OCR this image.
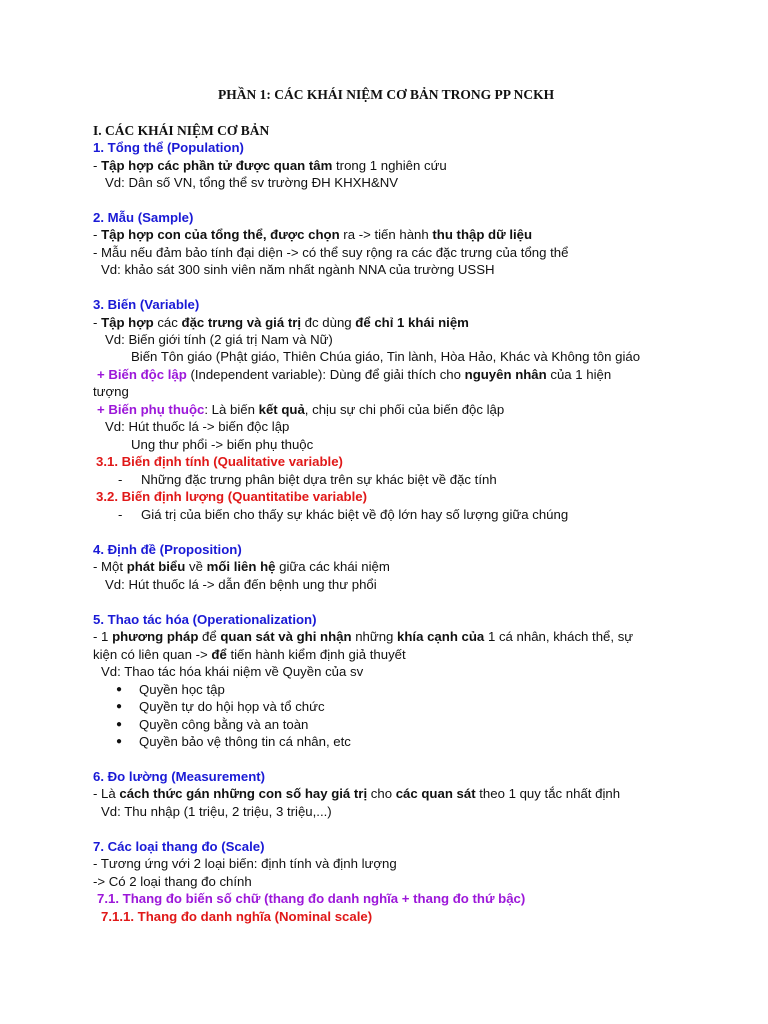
PHẦN 1: CÁC KHÁI NIỆM CƠ BẢN TRONG PP NCKH
I. CÁC KHÁI NIỆM CƠ BẢN
1. Tổng thể (Population)
- Tập hợp các phần tử được quan tâm trong 1 nghiên cứu
Vd: Dân số VN, tổng thể sv trường ĐH KHXH&NV
2. Mẫu (Sample)
- Tập hợp con của tổng thể, được chọn ra -> tiến hành thu thập dữ liệu
- Mẫu nếu đảm bảo tính đại diện -> có thể suy rộng ra các đặc trưng của tổng thể
Vd: khảo sát 300 sinh viên năm nhất ngành NNA của trường USSH
3. Biến (Variable)
- Tập hợp các đặc trưng và giá trị đc dùng để chỉ 1 khái niệm
Vd: Biến giới tính (2 giá trị Nam và Nữ)
Biến Tôn giáo (Phật giáo, Thiên Chúa giáo, Tin lành, Hòa Hảo, Khác và Không tôn giáo
+ Biến độc lập (Independent variable): Dùng để giải thích cho nguyên nhân của 1 hiện
tượng
+ Biến phụ thuộc: Là biến kết quả, chịu sự chi phối của biến độc lập
Vd: Hút thuốc lá -> biến độc lập
Ung thư phổi -> biến phụ thuộc
3.1. Biến định tính (Qualitative variable)
- Những đặc trưng phân biệt dựa trên sự khác biệt về đặc tính
3.2. Biến định lượng (Quantitatibe variable)
- Giá trị của biến cho thấy sự khác biệt về độ lớn hay số lượng giữa chúng
4. Định đề (Proposition)
- Một phát biểu về mối liên hệ giữa các khái niệm
Vd: Hút thuốc lá -> dẫn đến bệnh ung thư phổi
5. Thao tác hóa (Operationalization)
- 1 phương pháp để quan sát và ghi nhận những khía cạnh của 1 cá nhân, khách thể, sự
kiện có liên quan -> để tiến hành kiểm định giả thuyết
Vd: Thao tác hóa khái niệm về Quyền của sv
● Quyền học tập
● Quyền tự do hội họp và tổ chức
● Quyền công bằng và an toàn
● Quyền bảo vệ thông tin cá nhân, etc
6. Đo lường (Measurement)
- Là cách thức gán những con số hay giá trị cho các quan sát theo 1 quy tắc nhất định
Vd: Thu nhập (1 triệu, 2 triệu, 3 triệu,...)
7. Các loại thang đo (Scale)
- Tương ứng với 2 loại biến: định tính và định lượng
-> Có 2 loại thang đo chính
7.1. Thang đo biến số chữ (thang đo danh nghĩa + thang đo thứ bậc)
7.1.1. Thang đo danh nghĩa (Nominal scale)
